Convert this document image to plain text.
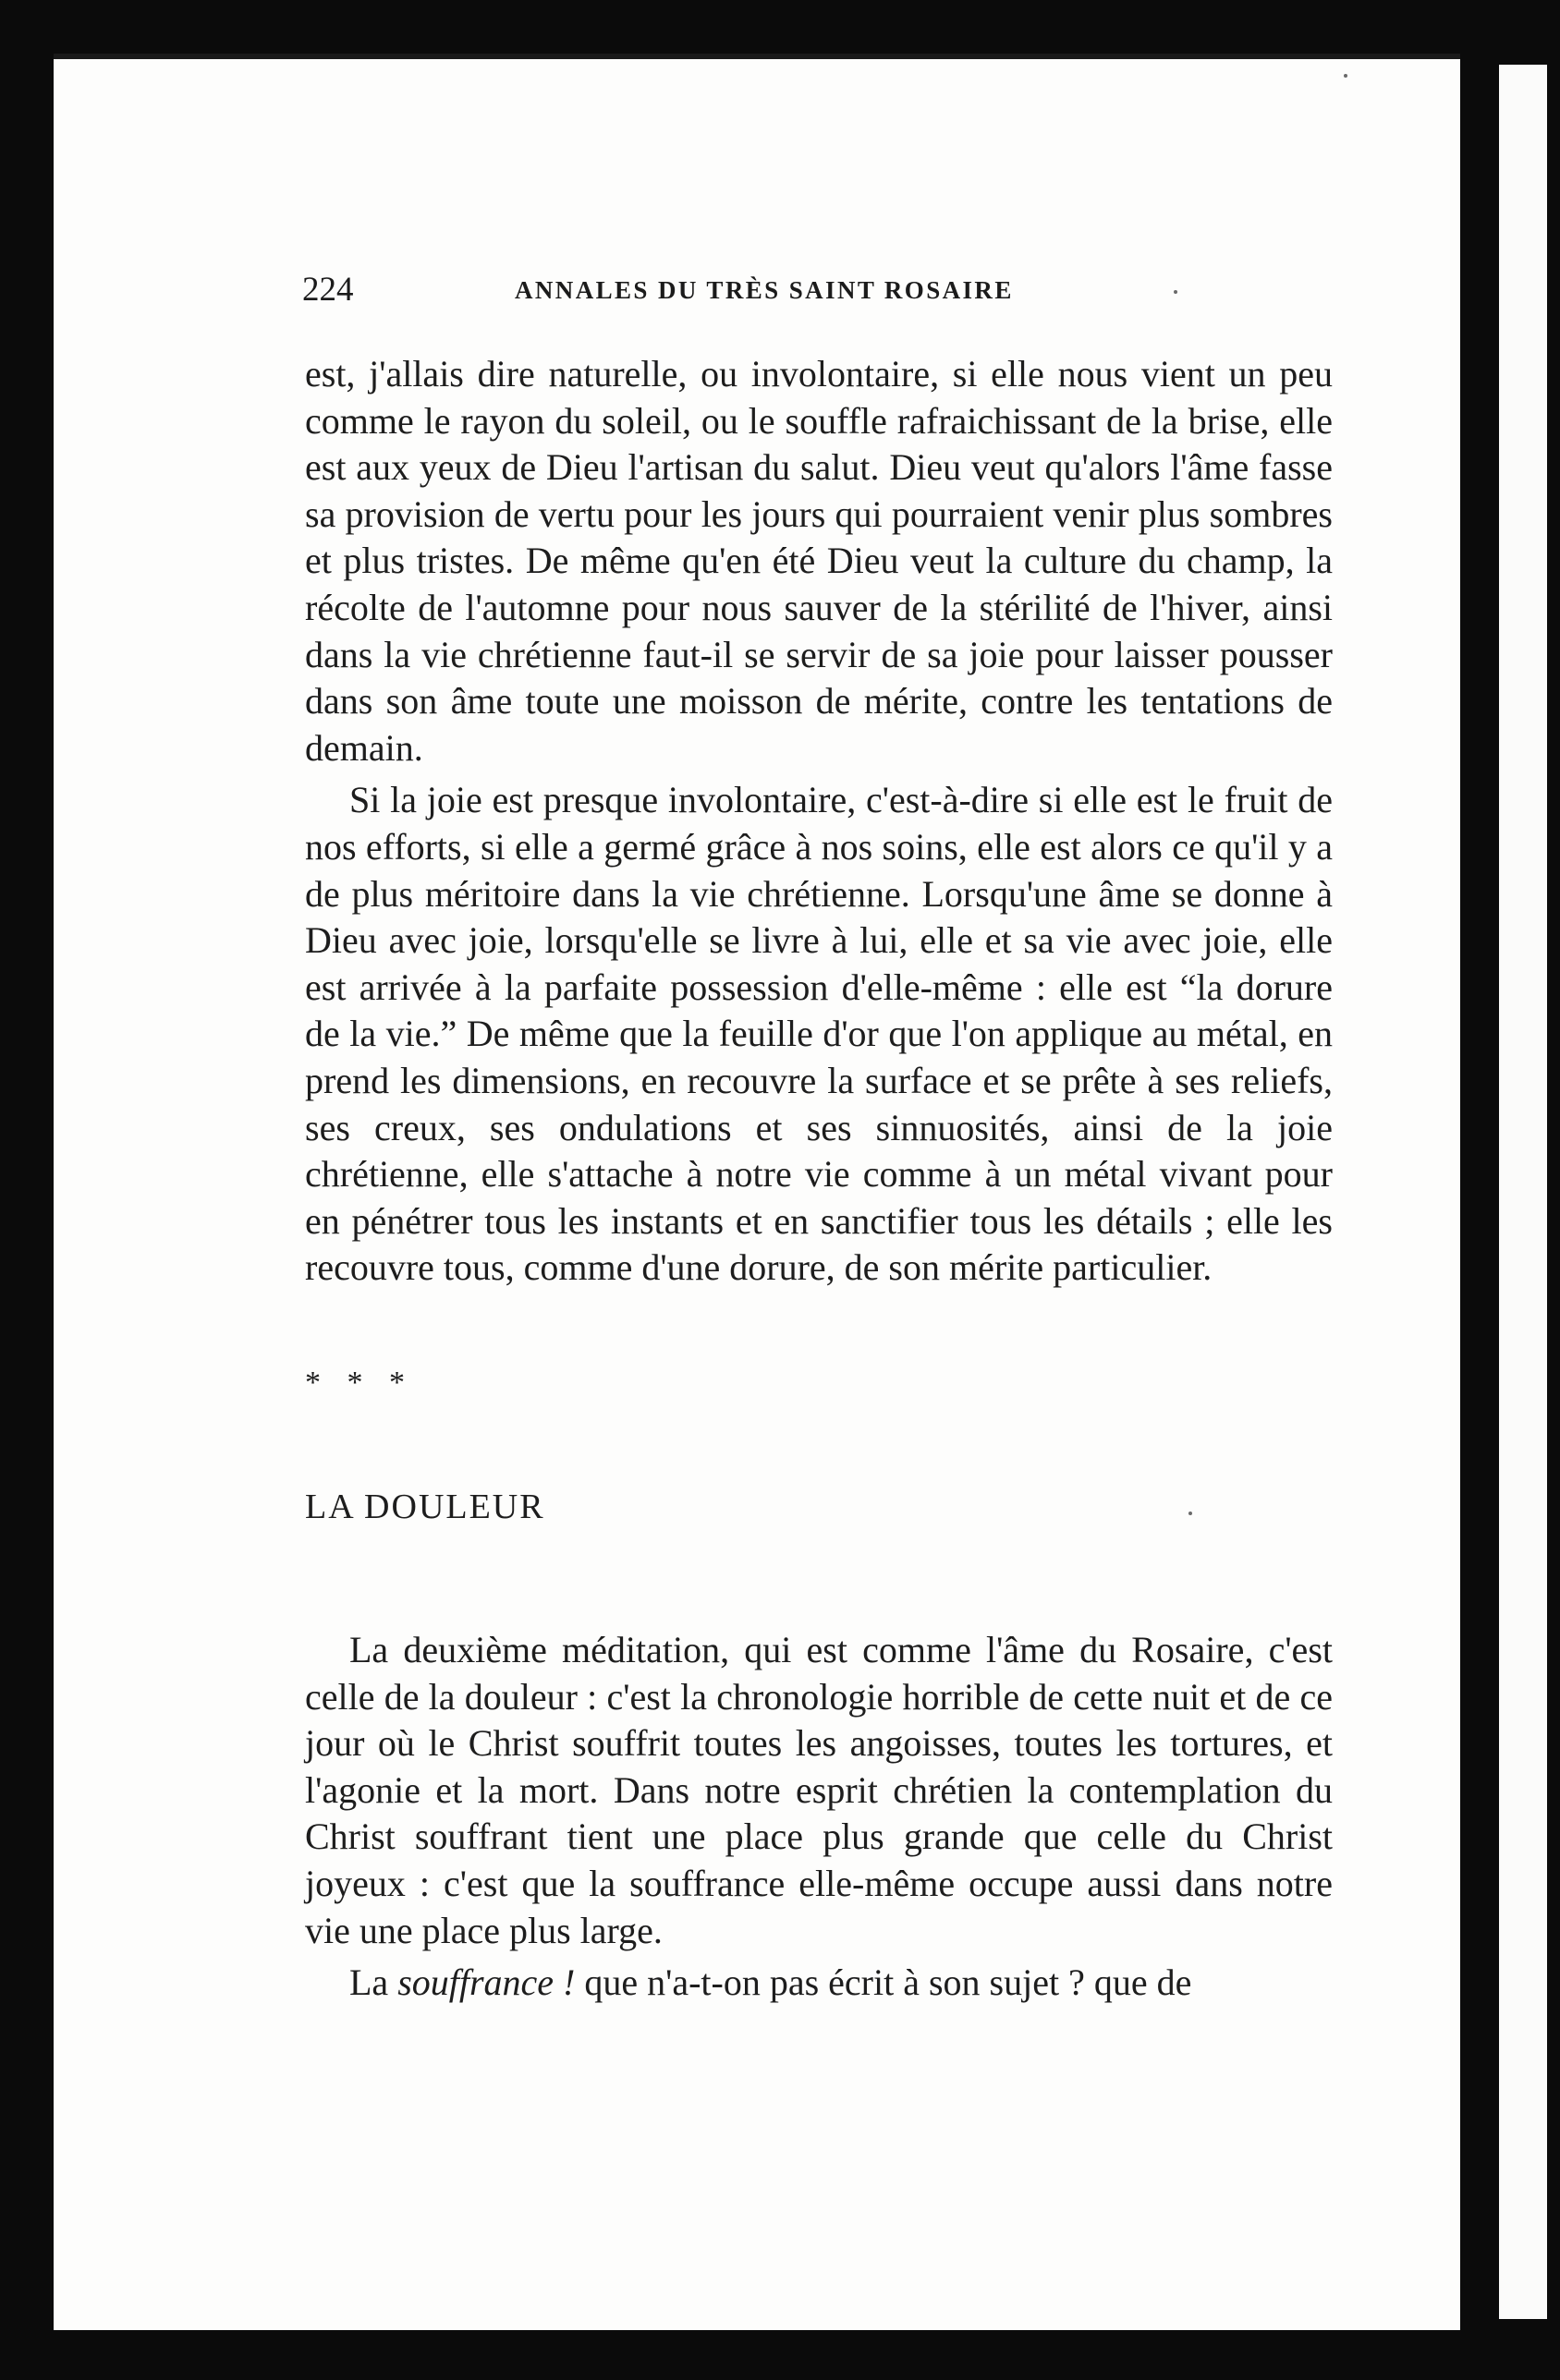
224	ANNALES DU TRÈS SAINT ROSAIRE

est, j'allais dire naturelle, ou involontaire, si elle nous vient un peu comme le rayon du soleil, ou le souffle rafraichissant de la brise, elle est aux yeux de Dieu l'artisan du salut. Dieu veut qu'alors l'âme fasse sa provision de vertu pour les jours qui pourraient venir plus sombres et plus tristes. De même qu'en été Dieu veut la culture du champ, la récolte de l'automne pour nous sauver de la stérilité de l'hiver, ainsi dans la vie chrétienne faut-il se servir de sa joie pour laisser pousser dans son âme toute une moisson de mérite, contre les tentations de demain.

Si la joie est presque involontaire, c'est-à-dire si elle est le fruit de nos efforts, si elle a germé grâce à nos soins, elle est alors ce qu'il y a de plus méritoire dans la vie chrétienne. Lorsqu'une âme se donne à Dieu avec joie, lorsqu'elle se livre à lui, elle et sa vie avec joie, elle est arrivée à la parfaite possession d'elle-même : elle est “la dorure de la vie.” De même que la feuille d'or que l'on applique au métal, en prend les dimensions, en recouvre la surface et se prête à ses reliefs, ses creux, ses ondulations et ses sinnuosités, ainsi de la joie chrétienne, elle s'attache à notre vie comme à un métal vivant pour en pénétrer tous les instants et en sanctifier tous les détails ; elle les recouvre tous, comme d'une dorure, de son mérite particulier.

* * *

LA DOULEUR

La deuxième méditation, qui est comme l'âme du Rosaire, c'est celle de la douleur : c'est la chronologie horrible de cette nuit et de ce jour où le Christ souffrit toutes les angoisses, toutes les tortures, et l'agonie et la mort. Dans notre esprit chrétien la contemplation du Christ souffrant tient une place plus grande que celle du Christ joyeux : c'est que la souffrance elle-même occupe aussi dans notre vie une place plus large.

La souffrance ! que n'a-t-on pas écrit à son sujet ? que de
